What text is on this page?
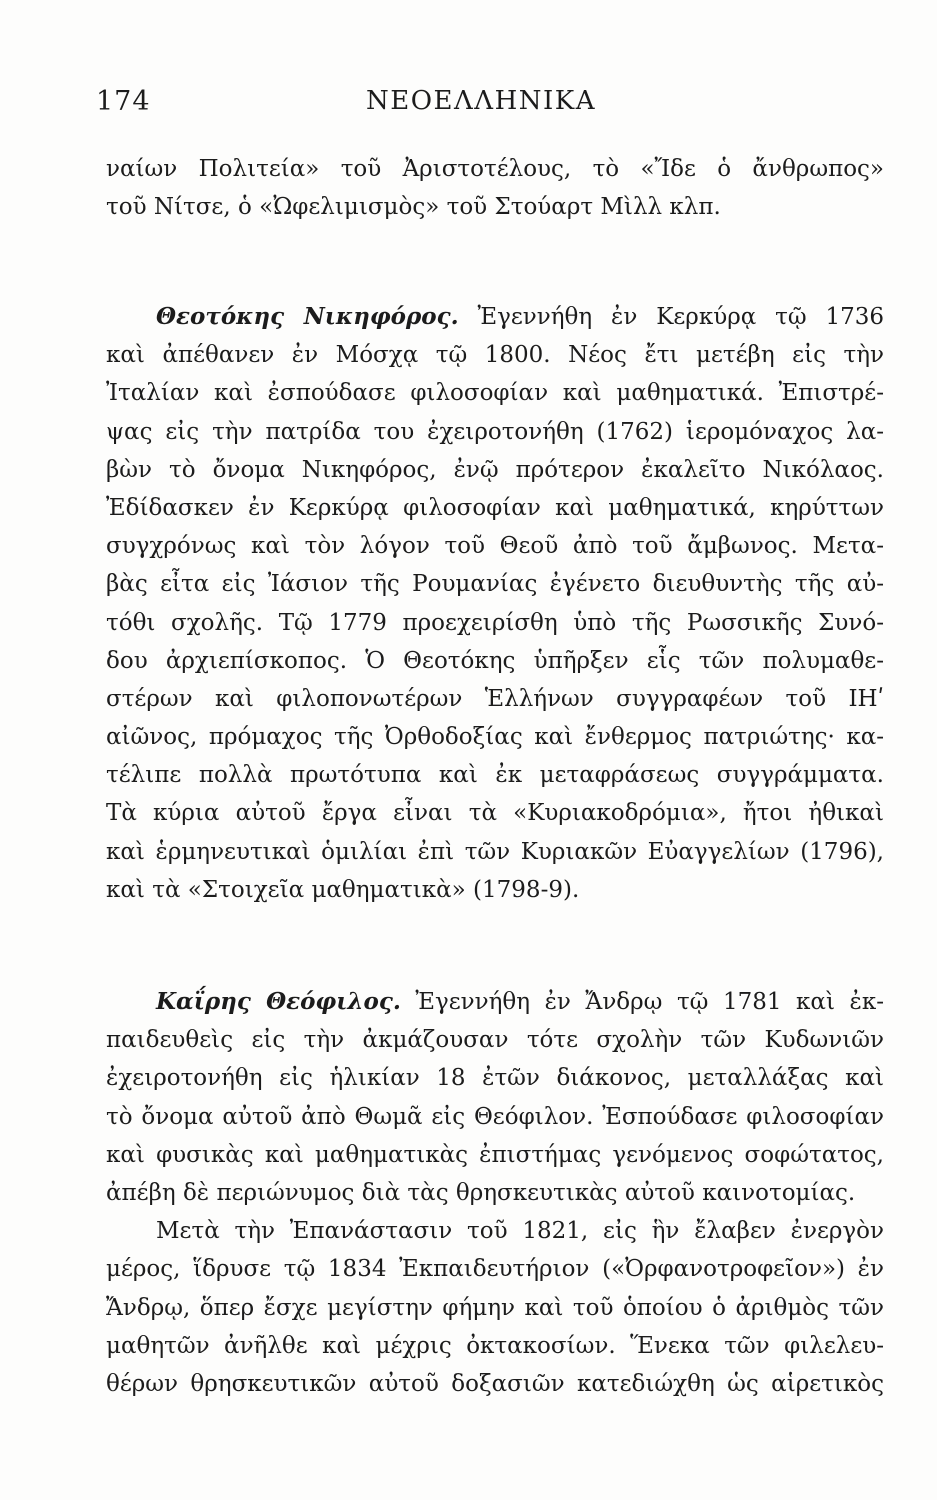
174	ΝΕΟΕΛΛΗΝΙΚΑ
ναίων Πολιτεία» τοῦ Ἀριστοτέλους, τὸ «Ἴδε ὁ ἄνθρωπος»
τοῦ Νίτσε, ὁ «Ὠφελιμισμὸς» τοῦ Στούαρτ Μὶλλ κλπ.
Θεοτόκης Νικηφόρος. Ἐγεννήθη ἐν Κερκύρᾳ τῷ 1736
καὶ ἀπέθανεν ἐν Μόσχᾳ τῷ 1800. Νέος ἔτι μετέβη εἰς τὴν
Ἰταλίαν καὶ ἐσπούδασε φιλοσοφίαν καὶ μαθηματικά. Ἐπιστρέ-
ψας εἰς τὴν πατρίδα του ἐχειροτονήθη (1762) ἱερομόναχος λα-
βὼν τὸ ὄνομα Νικηφόρος, ἐνῷ πρότερον ἐκαλεῖτο Νικόλαος.
Ἐδίδασκεν ἐν Κερκύρᾳ φιλοσοφίαν καὶ μαθηματικά, κηρύττων
συγχρόνως καὶ τὸν λόγον τοῦ Θεοῦ ἀπὸ τοῦ ἄμβωνος. Μετα-
βὰς εἶτα εἰς Ἰάσιον τῆς Ρουμανίας ἐγένετο διευθυντὴς τῆς αὐ-
τόθι σχολῆς. Τῷ 1779 προεχειρίσθη ὑπὸ τῆς Ρωσσικῆς Συνό-
δου ἀρχιεπίσκοπος. Ὁ Θεοτόκης ὑπῆρξεν εἷς τῶν πολυμαθε-
στέρων καὶ φιλοπονωτέρων Ἑλλήνων συγγραφέων τοῦ ΙΗʹ
αἰῶνος, πρόμαχος τῆς Ὀρθοδοξίας καὶ ἔνθερμος πατριώτης· κα-
τέλιπε πολλὰ πρωτότυπα καὶ ἐκ μεταφράσεως συγγράμματα.
Τὰ κύρια αὐτοῦ ἔργα εἶναι τὰ «Κυριακοδρόμια», ἤτοι ἠθικαὶ
καὶ ἑρμηνευτικαὶ ὁμιλίαι ἐπὶ τῶν Κυριακῶν Εὐαγγελίων (1796),
καὶ τὰ «Στοιχεῖα μαθηματικὰ» (1798-9).
Καΐρης Θεόφιλος. Ἐγεννήθη ἐν Ἄνδρῳ τῷ 1781 καὶ ἐκ-
παιδευθεὶς εἰς τὴν ἀκμάζουσαν τότε σχολὴν τῶν Κυδωνιῶν
ἐχειροτονήθη εἰς ἡλικίαν 18 ἐτῶν διάκονος, μεταλλάξας καὶ
τὸ ὄνομα αὐτοῦ ἀπὸ Θωμᾶ εἰς Θεόφιλον. Ἐσπούδασε φιλοσοφίαν
καὶ φυσικὰς καὶ μαθηματικὰς ἐπιστήμας γενόμενος σοφώτατος,
ἀπέβη δὲ περιώνυμος διὰ τὰς θρησκευτικὰς αὐτοῦ καινοτομίας.
Μετὰ τὴν Ἐπανάστασιν τοῦ 1821, εἰς ἣν ἔλαβεν ἐνεργὸν
μέρος, ἵδρυσε τῷ 1834 Ἐκπαιδευτήριον («Ὀρφανοτροφεῖον») ἐν
Ἄνδρῳ, ὅπερ ἔσχε μεγίστην φήμην καὶ τοῦ ὁποίου ὁ ἀριθμὸς τῶν
μαθητῶν ἀνῆλθε καὶ μέχρις ὀκτακοσίων. Ἕνεκα τῶν φιλελευ-
θέρων θρησκευτικῶν αὐτοῦ δοξασιῶν κατεδιώχθη ὡς αἱρετικὸς
